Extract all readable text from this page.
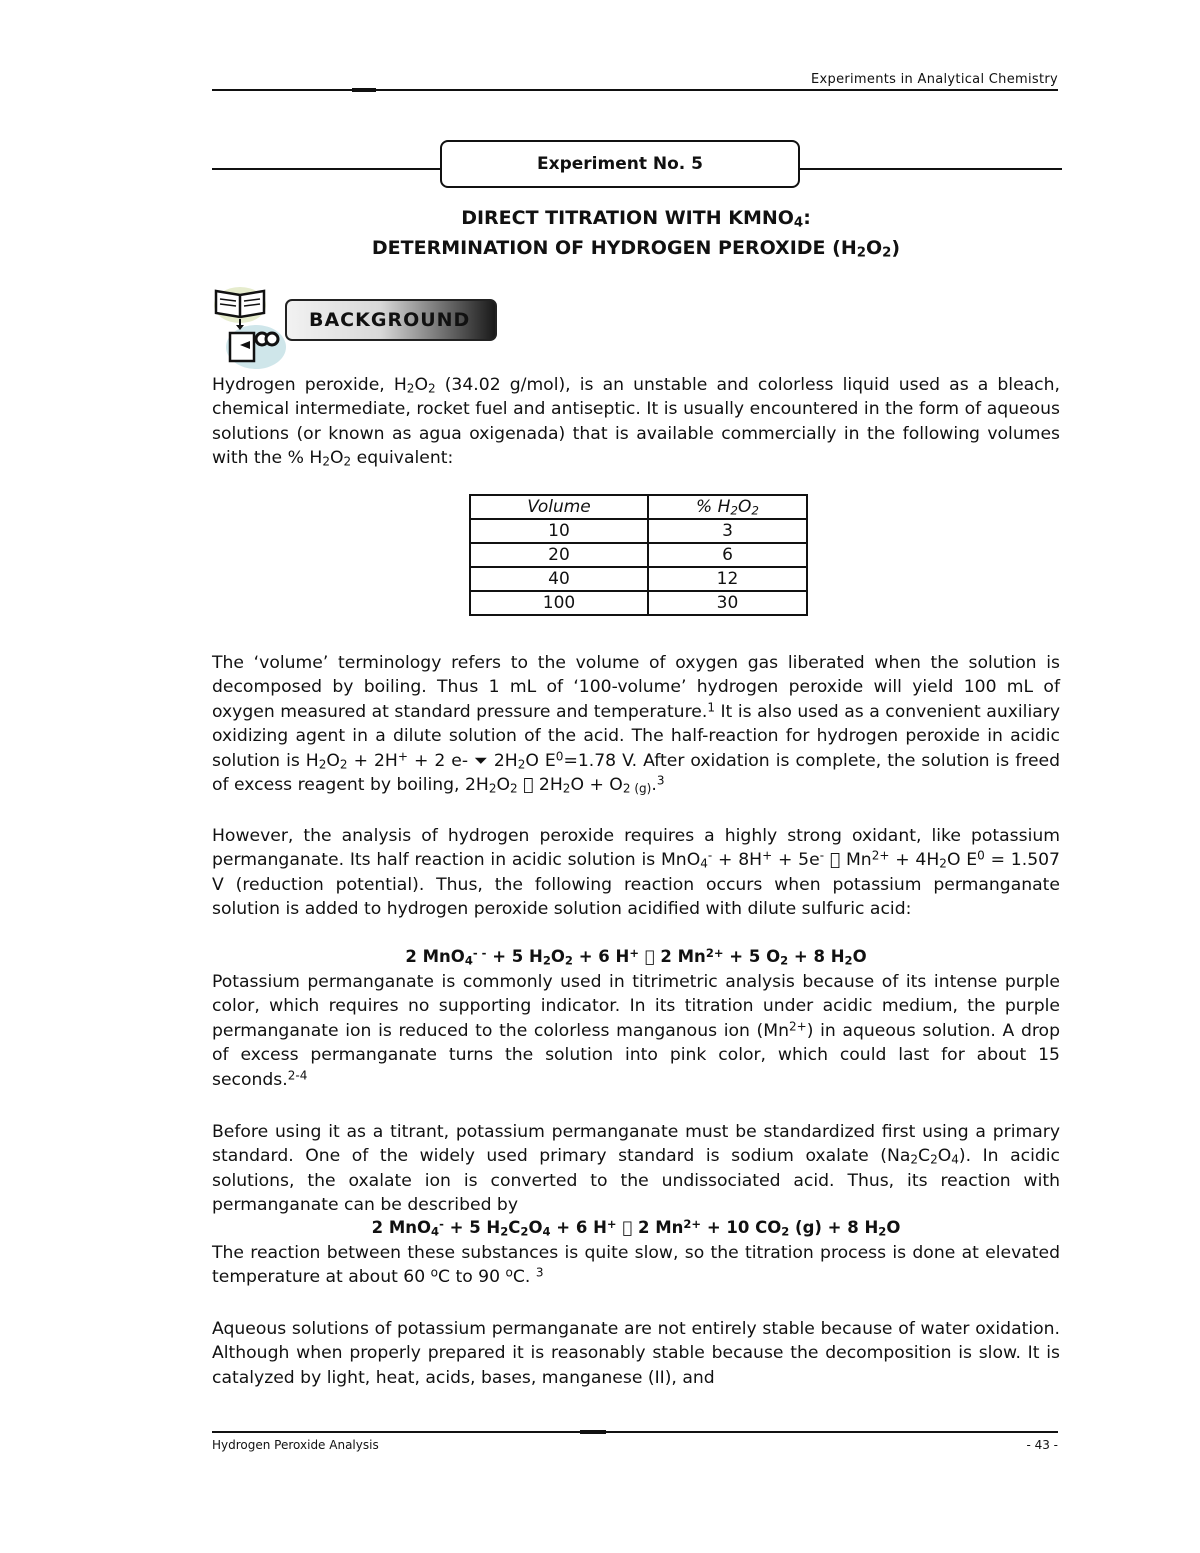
Experiments in Analytical Chemistry
Experiment No. 5
DIRECT TITRATION WITH $KMNO_4$:
DETERMINATION OF HYDROGEN PEROXIDE $(H_2O_2)$
BACKGROUND
Hydrogen peroxide, $H_2O_2$ (34.02 g/mol), is an unstable and colorless liquid used as a bleach, chemical intermediate, rocket fuel and antiseptic. It is usually encountered in the form of aqueous solutions (or known as agua oxigenada) that is available commercially in the following volumes with the % $H_2O_2$ equivalent:
Volume	% $H_2O_2$
10	3
20	6
40	12
100	30
The ‘volume’ terminology refers to the volume of oxygen gas liberated when the solution is decomposed by boiling. Thus 1 mL of ‘100-volume’ hydrogen peroxide will yield 100 mL of oxygen measured at standard pressure and temperature.$^1$ It is also used as a convenient auxiliary oxidizing agent in a dilute solution of the acid. The half-reaction for hydrogen peroxide in acidic solution is $H_2O_2 + 2H^+ + 2$ e- ⏷ $2H_2O$ $E^0=1.78$ V. After oxidation is complete, the solution is freed of excess reagent by boiling, $2H_2O_2$ ￿ $2H_2O + O_{2 (g)}.^3$
However, the analysis of hydrogen peroxide requires a highly strong oxidant, like potassium permanganate. Its half reaction in acidic solution is MnO$_4$- + 8H+ + 5e- ￿ $Mn^{2+} + 4H_2O$ $E^0 = 1.507$ V (reduction potential). Thus, the following reaction occurs when potassium permanganate solution is added to hydrogen peroxide solution acidified with dilute sulfuric acid:
2 MnO$_4$- - + 5 $H_2O_2 + 6$ H+ ￿ 2 $Mn^{2+} + 5$ $O_2 + 8$ $H_2O$
Potassium permanganate is commonly used in titrimetric analysis because of its intense purple color, which requires no supporting indicator. In its titration under acidic medium, the purple permanganate ion is reduced to the colorless manganous ion $(Mn^{2+})$ in aqueous solution. A drop of excess permanganate turns the solution into pink color, which could last for about 15 seconds.$^{2-4}$
Before using it as a titrant, potassium permanganate must be standardized first using a primary standard. One of the widely used primary standard is sodium oxalate $(Na_2C_2O_4)$. In acidic solutions, the oxalate ion is converted to the undissociated acid. Thus, its reaction with permanganate can be described by
2 MnO$_4$- + 5 $H_2C_2O_4 + 6$ H+ ￿ 2 $Mn^{2+} + 10$ $CO_2$ (g) + 8 $H_2O$
The reaction between these substances is quite slow, so the titration process is done at elevated temperature at about 60 $^o$C to 90 $^o$C. $^3$
Aqueous solutions of potassium permanganate are not entirely stable because of water oxidation. Although when properly prepared it is reasonably stable because the decomposition is slow. It is catalyzed by light, heat, acids, bases, manganese (II), and
Hydrogen Peroxide Analysis	- 43 -
